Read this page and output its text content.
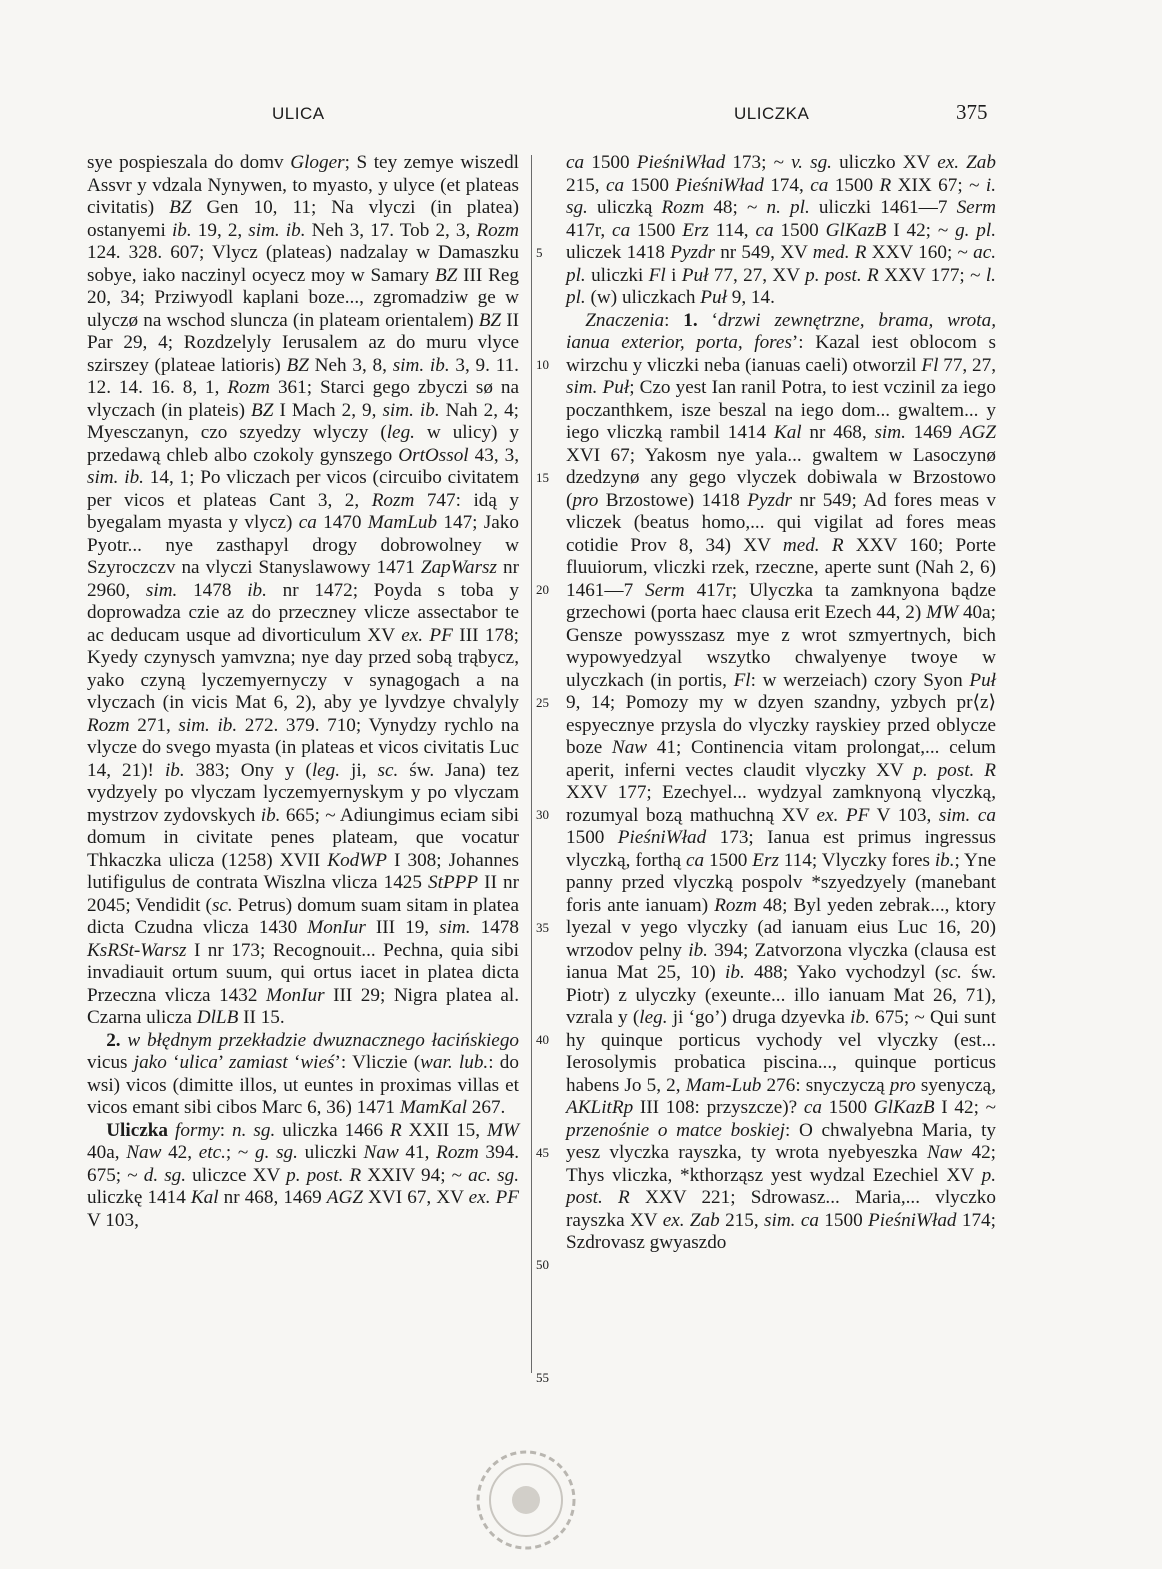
ULICA	ULICZKA	375

sye pospieszala do domv Gloger; S tey zemye wiszedl Assvr y vdzala Nynywen, to myasto, y ulyce (et plateas civitatis) BZ Gen 10, 11; Na vlyczi (in platea) ostanyemi ib. 19, 2, sim. ib. Neh 3, 17. Tob 2, 3, Rozm 124. 328. 607; Vlycz (plateas) nadzalay w Damaszku sobye, iako naczinyl ocyecz moy w Samary BZ III Reg 20, 34; Prziwyodl kaplani boze..., zgromadziw ge w ulyczø na wschod sluncza (in plateam orientalem) BZ II Par 29, 4; Rozdzelyly Ierusalem az do muru vlyce szirszey (plateae latioris) BZ Neh 3, 8, sim. ib. 3, 9. 11. 12. 14. 16. 8, 1, Rozm 361; Starci gego zbyczi sø na vlyczach (in plateis) BZ I Mach 2, 9, sim. ib. Nah 2, 4; Myesczanyn, czo szyedzy wlyczy (leg. w ulicy) y przedawą chleb albo czokoly gynszego OrtOssol 43, 3, sim. ib. 14, 1; Po vliczach per vicos (circuibo civitatem per vicos et plateas Cant 3, 2, Rozm 747: idą y byegalam myasta y vlycz) ca 1470 MamLub 147; Jako Pyotr... nye zasthapyl drogy dobrowolney w Szyroczczv na vlyczi Stanyslawowy 1471 ZapWarsz nr 2960, sim. 1478 ib. nr 1472; Poyda s toba y doprowadza czie az do przeczney vlicze assectabor te ac deducam usque ad divorticulum XV ex. PF III 178; Kyedy czynysch yamvzna; nye day przed sobą trąbycz, yako czyną lyczemyernyczy v synagogach a na vlyczach (in vicis Mat 6, 2), aby ye lyvdzye chvalyly Rozm 271, sim. ib. 272. 379. 710; Vynydzy rychlo na vlycze do svego myasta (in plateas et vicos civitatis Luc 14, 21)! ib. 383; Ony y (leg. ji, sc. św. Jana) tez vydzyely po vlyczam lyczemyernyskym y po vlyczam mystrzov zydovskych ib. 665; ~ Adiungimus eciam sibi domum in civitate penes plateam, que vocatur Thkaczka ulicza (1258) XVII KodWP I 308; Johannes lutifigulus de contrata Wiszlna vlicza 1425 StPPP II nr 2045; Vendidit (sc. Petrus) domum suam sitam in platea dicta Czudna vlicza 1430 MonIur III 19, sim. 1478 KsRSt-Warsz I nr 173; Recognouit... Pechna, quia sibi invadiauit ortum suum, qui ortus iacet in platea dicta Przeczna vlicza 1432 MonIur III 29; Nigra platea al. Czarna ulicza DlLB II 15.

 2. w błędnym przekładzie dwuznacznego łacińskiego vicus jako ‘ulica’ zamiast ‘wieś’: Vliczie (war. lub.: do wsi) vicos (dimitte illos, ut euntes in proximas villas et vicos emant sibi cibos Marc 6, 36) 1471 MamKal 267.

 Uliczka formy: n. sg. uliczka 1466 R XXII 15, MW 40a, Naw 42, etc.; ~ g. sg. uliczki Naw 41, Rozm 394. 675; ~ d. sg. uliczce XV p. post. R XXIV 94; ~ ac. sg. uliczkę 1414 Kal nr 468, 1469 AGZ XVI 67, XV ex. PF V 103,

5
10
15
20
25
30
35
40
45
50
55

ca 1500 PieśniWład 173; ~ v. sg. uliczko XV ex. Zab 215, ca 1500 PieśniWład 174, ca 1500 R XIX 67; ~ i. sg. uliczką Rozm 48; ~ n. pl. uliczki 1461—7 Serm 417r, ca 1500 Erz 114, ca 1500 GlKazB I 42; ~ g. pl. uliczek 1418 Pyzdr nr 549, XV med. R XXV 160; ~ ac. pl. uliczki Fl i Puł 77, 27, XV p. post. R XXV 177; ~ l. pl. (w) uliczkach Puł 9, 14.

 Znaczenia: 1. ‘drzwi zewnętrzne, brama, wrota, ianua exterior, porta, fores’: Kazal iest oblocom s wirzchu y vliczki neba (ianuas caeli) otworzil Fl 77, 27, sim. Puł; Czo yest Ian ranil Potra, to iest vczinil za iego poczanthkem, isze beszal na iego dom... gwaltem... y iego vliczką rambil 1414 Kal nr 468, sim. 1469 AGZ XVI 67; Yakosm nye yala... gwaltem w Lasoczynø dzedzynø any gego vlyczek dobiwala w Brzostowo (pro Brzostowe) 1418 Pyzdr nr 549; Ad fores meas v vliczek (beatus homo,... qui vigilat ad fores meas cotidie Prov 8, 34) XV med. R XXV 160; Porte fluuiorum, vliczki rzek, rzeczne, aperte sunt (Nah 2, 6) 1461—7 Serm 417r; Ulyczka ta zamknyona bądze grzechowi (porta haec clausa erit Ezech 44, 2) MW 40a; Gensze powysszasz mye z wrot szmyertnych, bich wypowyedzyal wszytko chwalyenye twoye w ulyczkach (in portis, Fl: w werzeiach) czory Syon Puł 9, 14; Pomozy my w dzyen szandny, yzbych pr⟨z⟩espyecznye przysla do vlyczky rayskiey przed oblycze boze Naw 41; Continencia vitam prolongat,... celum aperit, inferni vectes claudit vlyczky XV p. post. R XXV 177; Ezechyel... wydzyal zamknyoną vlyczką, rozumyal bozą mathuchną XV ex. PF V 103, sim. ca 1500 PieśniWład 173; Ianua est primus ingressus vlyczką, forthą ca 1500 Erz 114; Vlyczky fores ib.; Yne panny przed vlyczką pospolv *szyedzyely (manebant foris ante ianuam) Rozm 48; Byl yeden zebrak..., ktory lyezal v yego vlyczky (ad ianuam eius Luc 16, 20) wrzodov pelny ib. 394; Zatvorzona vlyczka (clausa est ianua Mat 25, 10) ib. 488; Yako vychodzyl (sc. św. Piotr) z ulyczky (exeunte... illo ianuam Mat 26, 71), vzrala y (leg. ji ‘go’) druga dzyevka ib. 675; ~ Qui sunt hy quinque porticus vychody vel vlyczky (est... Ierosolymis probatica piscina..., quinque porticus habens Jo 5, 2, Mam-Lub 276: snyczyczą pro syenyczą, AKLitRp III 108: przyszcze)? ca 1500 GlKazB I 42; ~ przenośnie o matce boskiej: O chwalyebna Maria, ty yesz vlyczka rayszka, ty wrota nyebyeszka Naw 42; Thys vliczka, *kthorząsz yest wydzal Ezechiel XV p. post. R XXV 221; Sdrowasz... Maria,... vlyczko rayszka XV ex. Zab 215, sim. ca 1500 PieśniWład 174; Szdrovasz gwyaszdo
